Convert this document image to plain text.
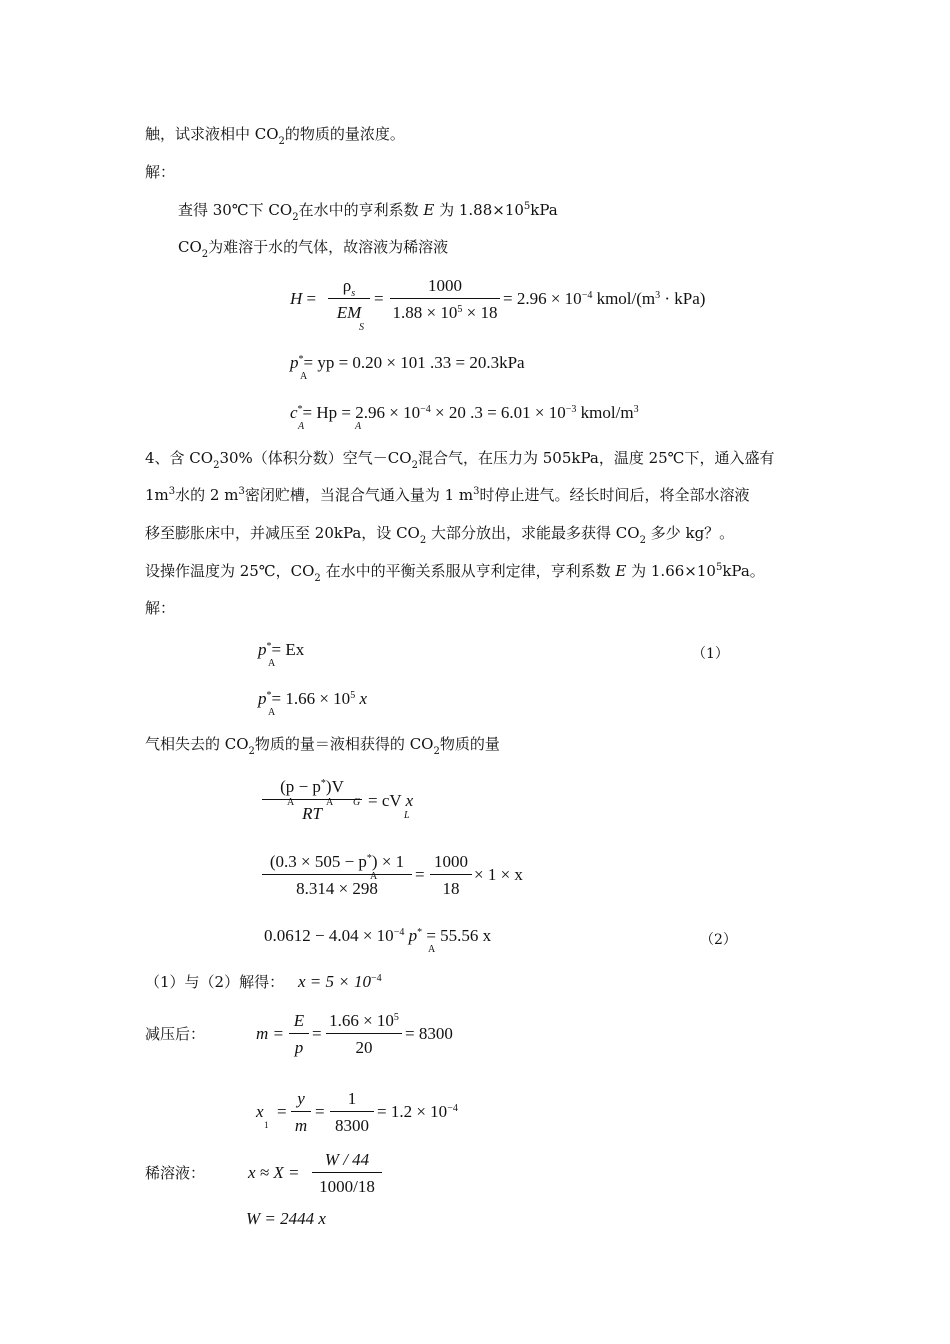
触，试求液相中 $CO_2$的物质的量浓度。
解：
查得 30℃下 $CO_2$在水中的亨利系数 E 为 $1.88\times 10^5kPa$
$CO_2$为难溶于水的气体，故溶液为稀溶液
H =
$\rho_s$
EM
S
=
1000
$1.88 \times 10^5 \times 18$
= $2.96 \times 10^{-4}$ kmol/$(m^3 \cdot kPa)$
p*= yp = 0.20 × 101 .33 = 20.3kPa
A
$c^*= Hp = 2.96 \times 10^{-4} \times 20$ $.3 = 6.01 \times 10^{-3}$ kmol/$m^3$
A	A
4、含 $CO_230\%$（体积分数）空气$-CO_2$混合气，在压力为 505kPa，温度 25℃下，通入盛有
$1m^3$水的 2 $m^3$密闭贮槽，当混合气通入量为 1 $m^3$时停止进气。经长时间后，将全部水溶液
移至膨胀床中，并减压至 20kPa，设 $CO_2$ 大部分放出，求能最多获得 $CO_2$ 多少 kg？。
设操作温度为 25℃，$CO_2$ 在水中的平衡关系服从亨利定律，亨利系数 E 为 $1.66\times 10^5kPa$。
解：
p*= Ex
A
（1）
$p^*= 1.66 \times 10^5$ x
A
气相失去的 $CO_2$物质的量＝液相获得的 $CO_2$物质的量
(p − p*)V
RT
A	A G = cV x
L
(0.3 × 505 − p*) × 1
8.314 × 298
A =
1000
18
× 1 × x
$0.0612 - 4.04 \times 10^{-4}$ p* = 55.56 x
A
（2）
（1）与（2）解得： $x = 5 \times 10^{-4}$
减压后：	m =
E
p
=
$1.66 \times 10^5$
20
= 8300
x
1
=
y
m
=
1
8300
= $1.2 \times 10^{-4}$
稀溶液：	x ≈ X =
W / 44
1000/18
W = 2444 x
